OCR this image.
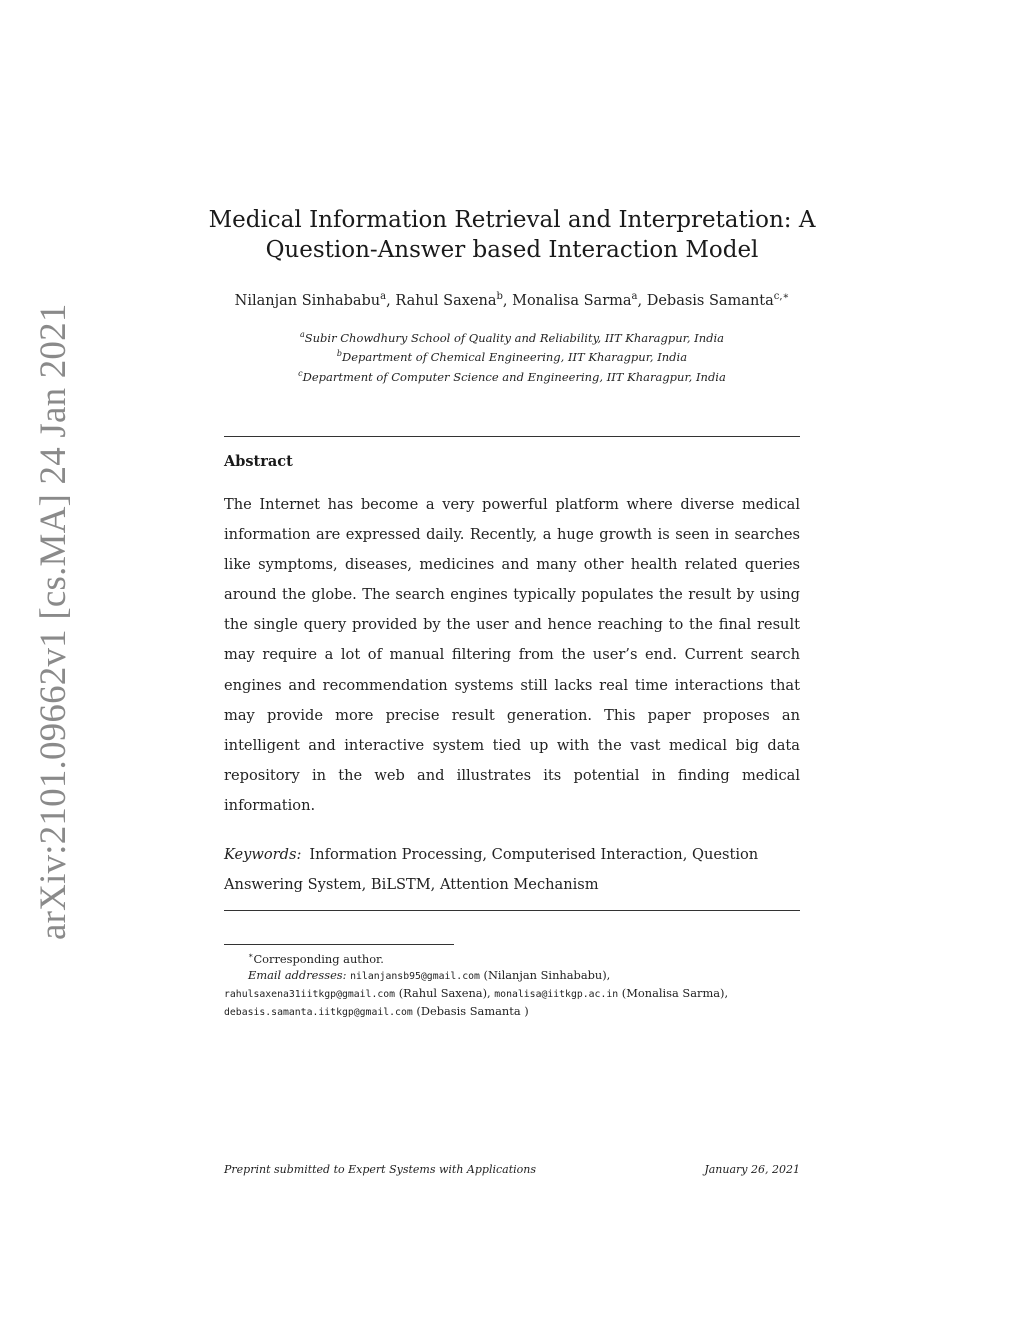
arXiv:2101.09662v1 [cs.MA] 24 Jan 2021
Medical Information Retrieval and Interpretation: A Question-Answer based Interaction Model
Nilanjan Sinhababu$^a$, Rahul Saxena$^b$, Monalisa Sarma$^a$, Debasis Samanta$^{c,∗}$
$^a$Subir Chowdhury School of Quality and Reliability, IIT Kharagpur, India
$^b$Department of Chemical Engineering, IIT Kharagpur, India
$^c$Department of Computer Science and Engineering, IIT Kharagpur, India
Abstract
The Internet has become a very powerful platform where diverse medical information are expressed daily. Recently, a huge growth is seen in searches like symptoms, diseases, medicines and many other health related queries around the globe. The search engines typically populates the result by using the single query provided by the user and hence reaching to the final result may require a lot of manual filtering from the user’s end. Current search engines and recommendation systems still lacks real time interactions that may provide more precise result generation. This paper proposes an intelligent and interactive system tied up with the vast medical big data repository in the web and illustrates its potential in finding medical information.
Keywords: Information Processing, Computerised Interaction, Question Answering System, BiLSTM, Attention Mechanism
∗Corresponding author.
Email addresses: nilanjansb95@gmail.com (Nilanjan Sinhababu),
rahulsaxena31iitkgp@gmail.com (Rahul Saxena), monalisa@iitkgp.ac.in (Monalisa Sarma),
debasis.samanta.iitkgp@gmail.com (Debasis Samanta )
Preprint submitted to Expert Systems with Applications	January 26, 2021
